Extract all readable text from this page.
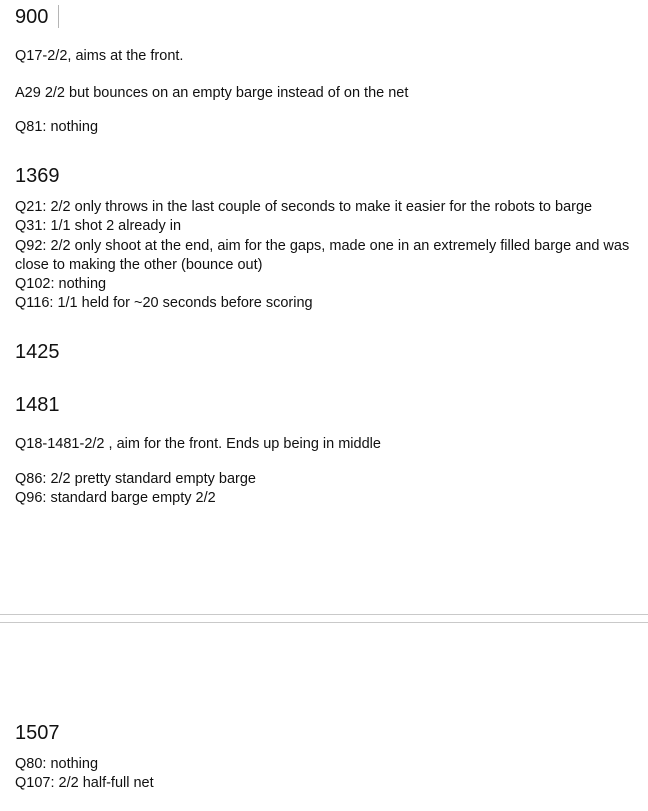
900
Q17-2/2, aims at the front.
A29 2/2 but bounces on an empty barge instead of on the net
Q81: nothing
1369
Q21: 2/2 only throws in the last couple of seconds to make it easier for the robots to barge
Q31: 1/1 shot 2 already in
Q92: 2/2 only shoot at the end, aim for the gaps, made one in an extremely filled barge and was close to making the other (bounce out)
Q102: nothing
Q116: 1/1 held for ~20 seconds before scoring
1425
1481
Q18-1481-2/2 , aim for the front. Ends up being in middle
Q86: 2/2 pretty standard empty barge
Q96: standard barge empty 2/2
1507
Q80: nothing
Q107: 2/2 half-full net
